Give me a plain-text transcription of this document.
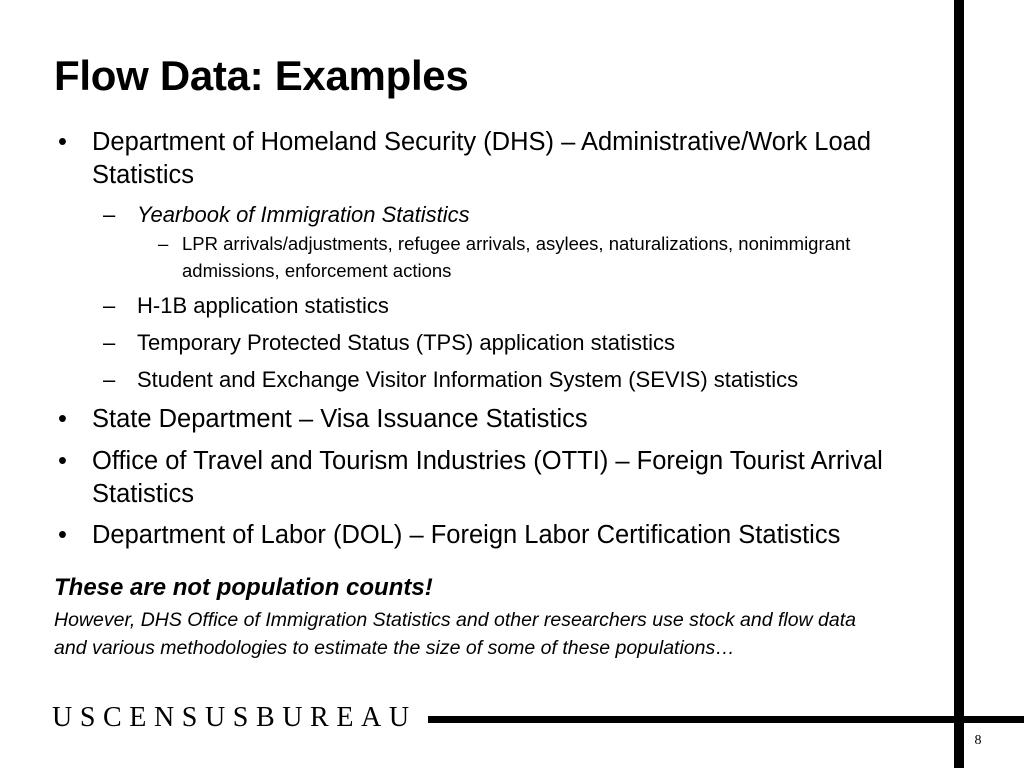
Flow Data: Examples
• Department of Homeland Security (DHS) – Administrative/Work Load Statistics
– Yearbook of Immigration Statistics
– LPR arrivals/adjustments, refugee arrivals, asylees, naturalizations, nonimmigrant admissions, enforcement actions
– H-1B application statistics
– Temporary Protected Status (TPS) application statistics
– Student and Exchange Visitor Information System (SEVIS) statistics
• State Department – Visa Issuance Statistics
• Office of Travel and Tourism Industries (OTTI) – Foreign Tourist Arrival Statistics
• Department of Labor (DOL) – Foreign Labor Certification Statistics

These are not population counts!

However, DHS Office of Immigration Statistics and other researchers use stock and flow data and various methodologies to estimate the size of some of these populations…
USCENSUSBUREAU
8
